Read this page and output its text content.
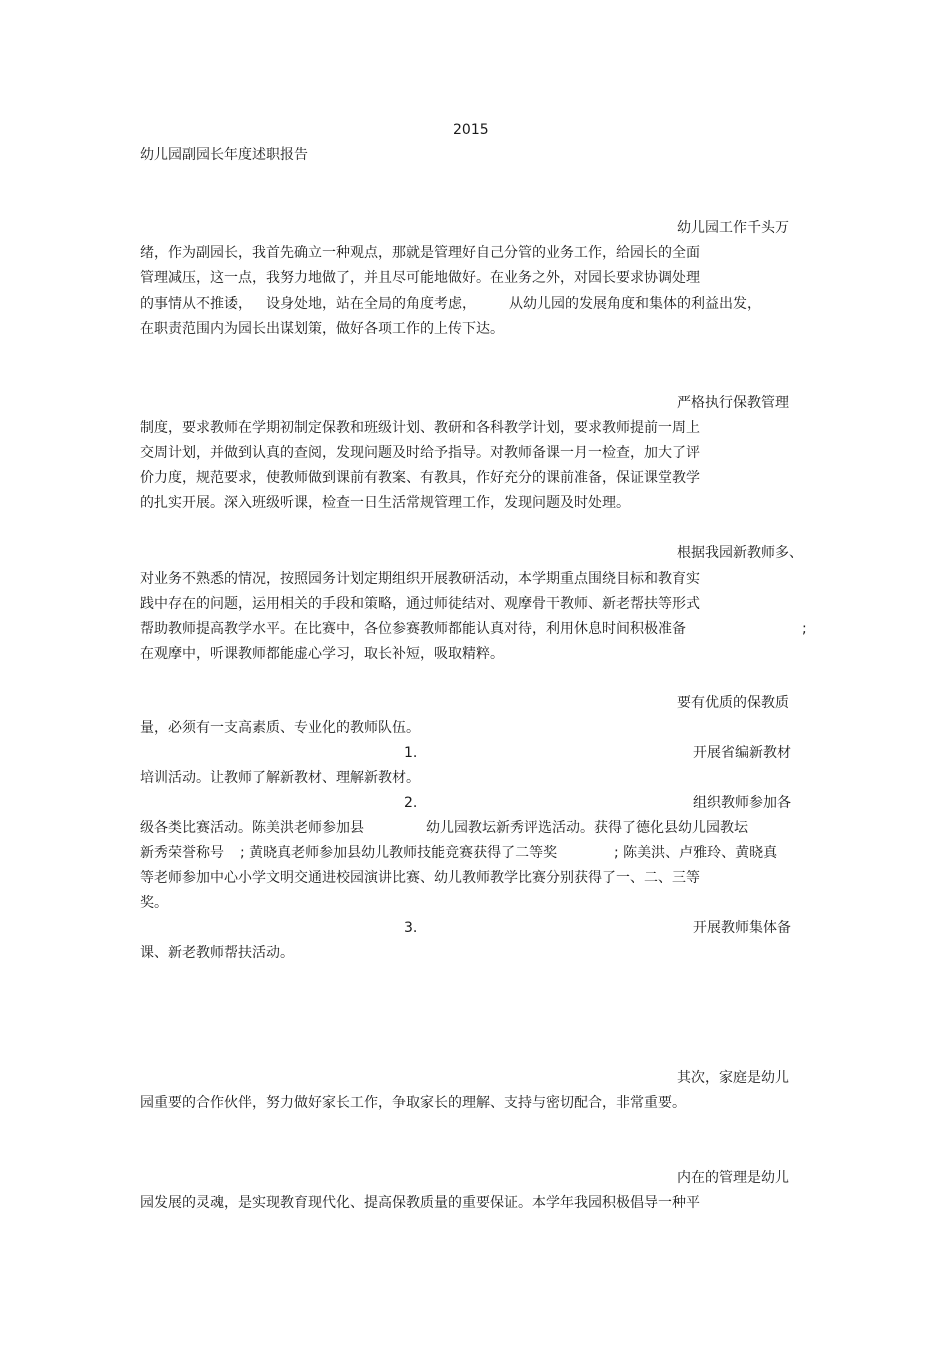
2015
幼儿园副园长年度述职报告
幼儿园工作千头万
绪，作为副园长，我首先确立一种观点，那就是管理好自己分管的业务工作，给园长的全面
管理减压，这一点，我努力地做了，并且尽可能地做好。在业务之外，对园长要求协调处理
的事情从不推诿， 设身处地，站在全局的角度考虑， 从幼儿园的发展角度和集体的利益出发，
在职责范围内为园长出谋划策，做好各项工作的上传下达。
严格执行保教管理
制度，要求教师在学期初制定保教和班级计划、教研和各科教学计划，要求教师提前一周上
交周计划，并做到认真的查阅，发现问题及时给予指导。对教师备课一月一检查，加大了评
价力度，规范要求，使教师做到课前有教案、有教具，作好充分的课前准备，保证课堂教学
的扎实开展。深入班级听课，检查一日生活常规管理工作，发现问题及时处理。
根据我园新教师多、
对业务不熟悉的情况，按照园务计划定期组织开展教研活动，本学期重点围绕目标和教育实
践中存在的问题，运用相关的手段和策略，通过师徒结对、观摩骨干教师、新老帮扶等形式
帮助教师提高教学水平。在比赛中，各位参赛教师都能认真对待，利用休息时间积极准备	;
在观摩中，听课教师都能虚心学习，取长补短，吸取精粹。
要有优质的保教质
量，必须有一支高素质、专业化的教师队伍。
1.	开展省编新教材
培训活动。让教师了解新教材、理解新教材。
2.	组织教师参加各
级各类比赛活动。陈美洪老师参加县	幼儿园教坛新秀评选活动。获得了德化县幼儿园教坛
新秀荣誉称号 ; 黄晓真老师参加县幼儿教师技能竞赛获得了二等奖	; 陈美洪、卢雅玲、黄晓真
等老师参加中心小学文明交通进校园演讲比赛、幼儿教师教学比赛分别获得了一、二、三等
奖。
3.	开展教师集体备
课、新老教师帮扶活动。
其次，家庭是幼儿
园重要的合作伙伴，努力做好家长工作，争取家长的理解、支持与密切配合，非常重要。
内在的管理是幼儿
园发展的灵魂，是实现教育现代化、提高保教质量的重要保证。本学年我园积极倡导一种平
